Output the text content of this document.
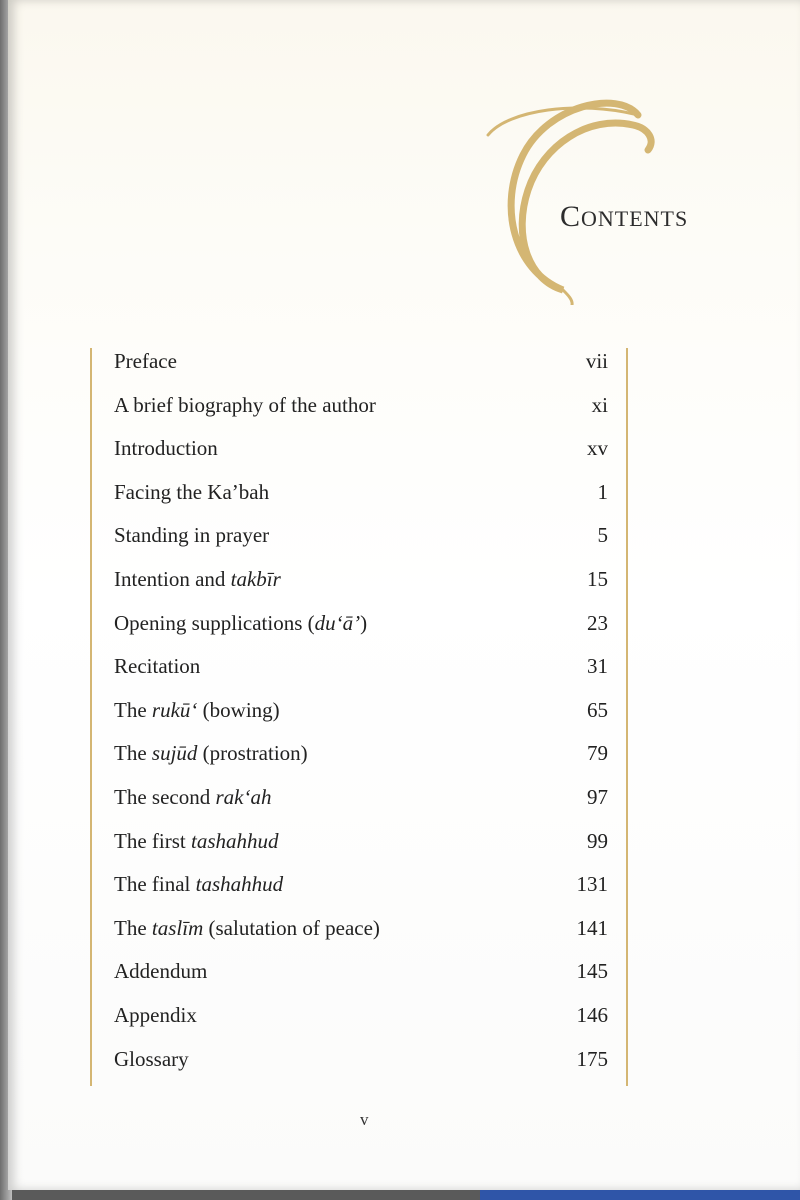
CONTENTS
Preface	vii
A brief biography of the author	xi
Introduction	xv
Facing the Ka’bah	1
Standing in prayer	5
Intention and takbīr	15
Opening supplications (du‘ā’)	23
Recitation	31
The rukū‘ (bowing)	65
The sujūd (prostration)	79
The second rak‘ah	97
The first tashahhud	99
The final tashahhud	131
The taslīm (salutation of peace)	141
Addendum	145
Appendix	146
Glossary	175
v
